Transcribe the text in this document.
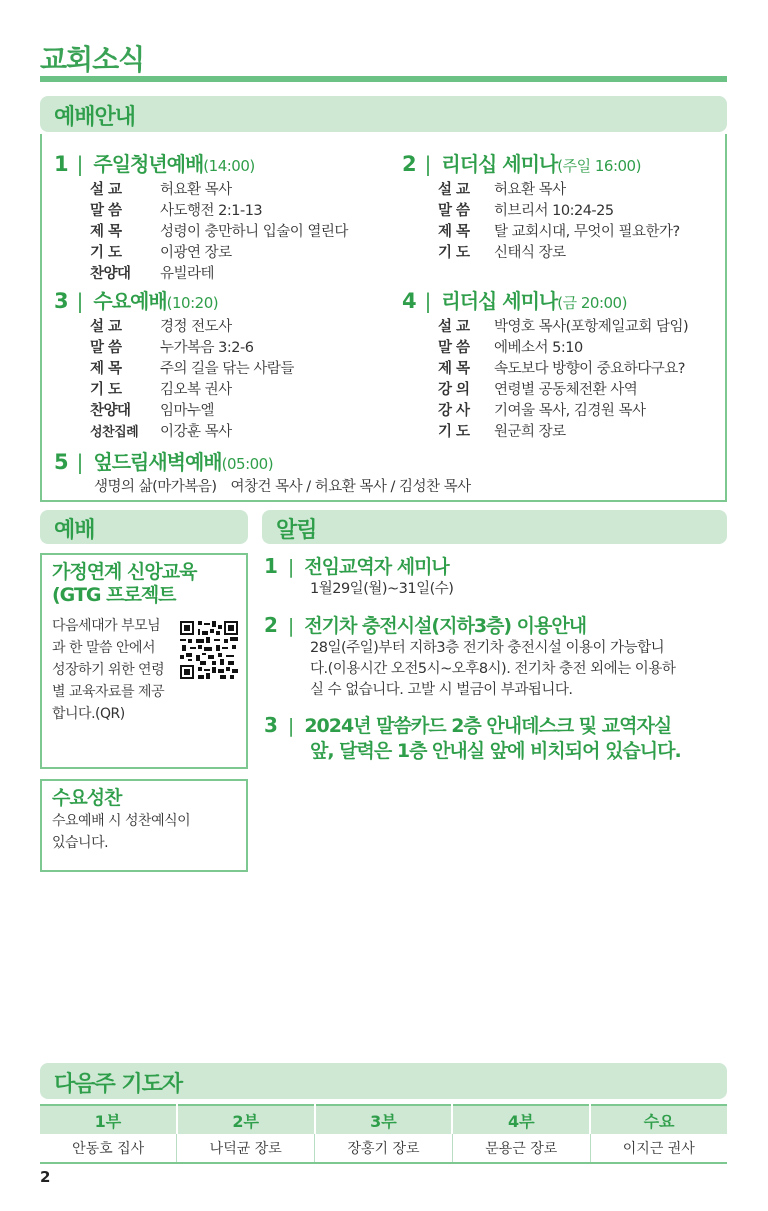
교회소식
예배안내
1 | 주일청년예배 (14:00)
설 교	허요환 목사
말 씀	사도행전 2:1-13
제 목	성령이 충만하니 입술이 열린다
기 도	이광연 장로
찬양대	유빌라테
2 | 리더십 세미나 (주일 16:00)
설 교	허요환 목사
말 씀	히브리서 10:24-25
제 목	탈 교회시대, 무엇이 필요한가?
기 도	신태식 장로
3 | 수요예배 (10:20)
설 교	경정 전도사
말 씀	누가복음 3:2-6
제 목	주의 길을 닦는 사람들
기 도	김오복 권사
찬양대	임마누엘
성찬집례	이강훈 목사
4 | 리더십 세미나 (금 20:00)
설 교	박영호 목사(포항제일교회 담임)
말 씀	에베소서 5:10
제 목	속도보다 방향이 중요하다구요?
강 의	연령별 공동체전환 사역
강 사	기여울 목사, 김경원 목사
기 도	원군희 장로
5 | 엎드림새벽예배 (05:00)
생명의 삶(마가복음)　여창건 목사 / 허요환 목사 / 김성찬 목사
예배
가정연계 신앙교육
(GTG 프로젝트
다음세대가 부모님
과 한 말씀 안에서
성장하기 위한 연령
별 교육자료를 제공
합니다.(QR)
수요성찬
수요예배 시 성찬예식이
있습니다.
알림
1 | 전임교역자 세미나
1월29일(월)~31일(수)
2 | 전기차 충전시설(지하3층) 이용안내
28일(주일)부터 지하3층 전기차 충전시설 이용이 가능합니
다.(이용시간 오전5시~오후8시). 전기차 충전 외에는 이용하
실 수 없습니다. 고발 시 벌금이 부과됩니다.
3 | 2024년 말씀카드 2층 안내데스크 및 교역자실
앞, 달력은 1층 안내실 앞에 비치되어 있습니다.
다음주 기도자
1부	2부	3부	4부	수요
안동호 집사	나덕균 장로	장홍기 장로	문용근 장로	이지근 권사
2
